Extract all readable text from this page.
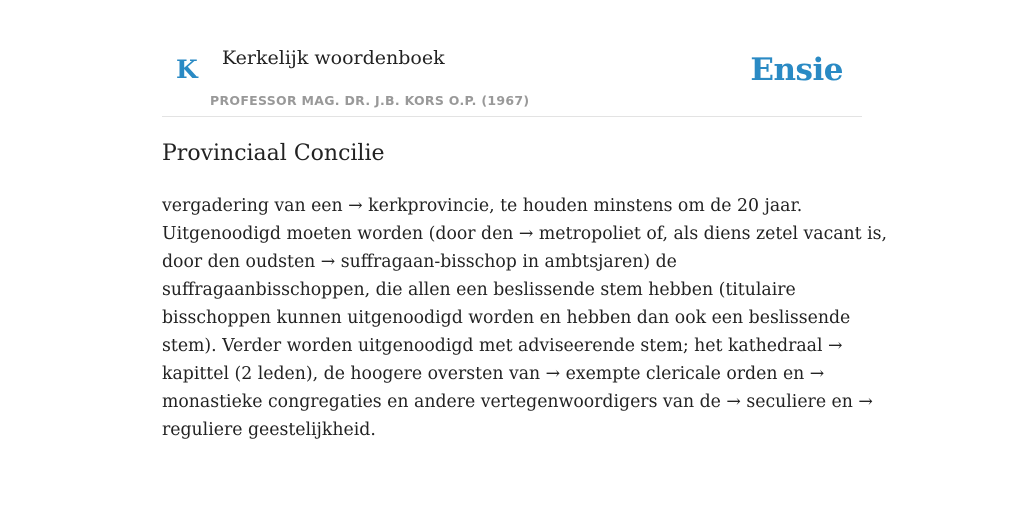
K Kerkelijk woordenboek
PROFESSOR MAG. DR. J.B. KORS O.P. (1967)
Ensie
Provinciaal Concilie

vergadering van een → kerkprovincie, te houden minstens om de 20 jaar.
Uitgenoodigd moeten worden (door den → metropoliet of, als diens zetel vacant is,
door den oudsten → suffragaan-bisschop in ambtsjaren) de
suffragaanbisschoppen, die allen een beslissende stem hebben (titulaire
bisschoppen kunnen uitgenoodigd worden en hebben dan ook een beslissende
stem). Verder worden uitgenoodigd met adviseerende stem; het kathedraal →
kapittel (2 leden), de hoogere oversten van → exempte clericale orden en →
monastieke congregaties en andere vertegenwoordigers van de → seculiere en →
reguliere geestelijkheid.
